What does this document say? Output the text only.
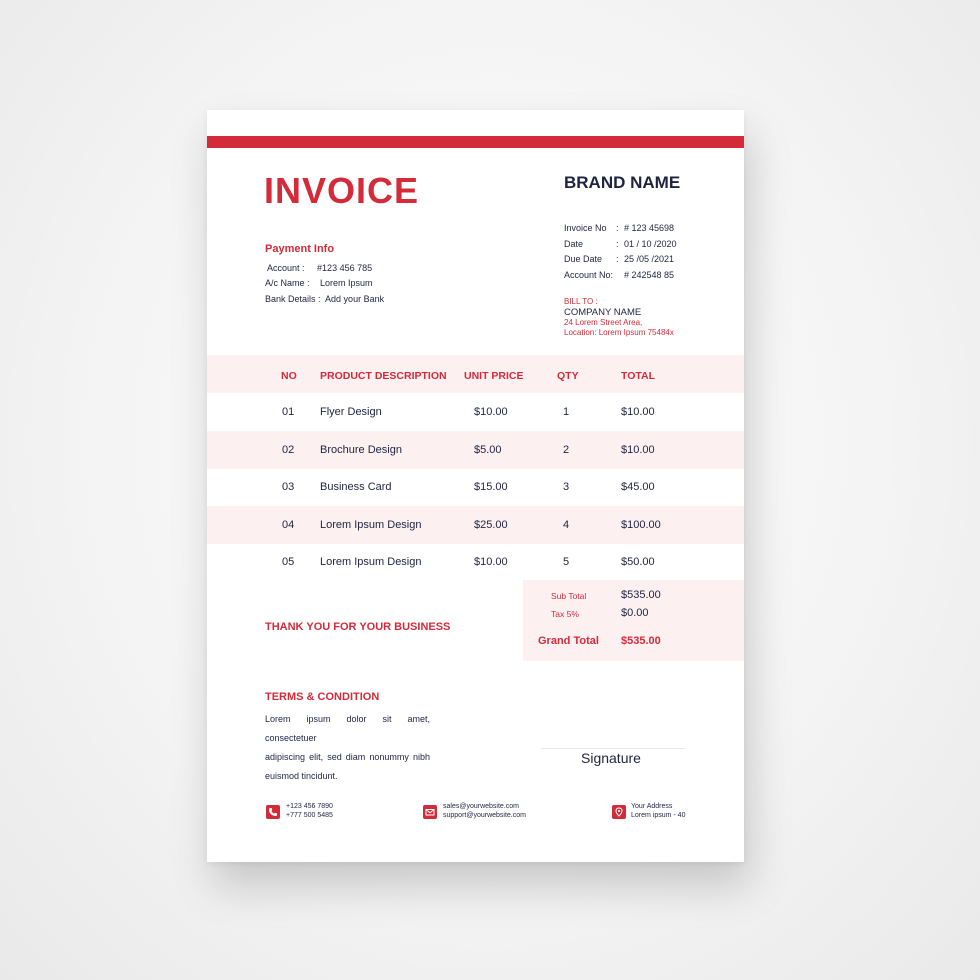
INVOICE	BRAND NAME
Payment Info
Account : #123 456 785
A/c Name : Lorem Ipsum
Bank Details : Add your Bank
Invoice No : # 123 45698
Date	: 01 / 10 /2020
Due Date : 25 /05 /2021
Account No: # 242548 85
BILL TO :
COMPANY NAME
24 Lorem Street Area,
Location: Lorem Ipsum 75484x
NO PRODUCT DESCRIPTION UNIT PRICE	QTY	TOTAL
01 Flyer Design	$10.00	1	$10.00
02 Brochure Design	$5.00	2	$10.00
03 Business Card	$15.00	3	$45.00
04 Lorem Ipsum Design	$25.00	4	$100.00
05 Lorem Ipsum Design	$10.00	5	$50.00
Sub Total	$535.00
Tax 5%	$0.00
Grand Total $535.00
THANK YOU FOR YOUR BUSINESS
TERMS & CONDITION
Lorem ipsum dolor sit amet, consectetuer
adipiscing elit, sed diam nonummy nibh
euismod tincidunt.
Signature
+123 456 7890
+777 500 5485
sales@yourwebsite.com
support@yourwebsite.com
Your Address
Lorem ipsum - 40
